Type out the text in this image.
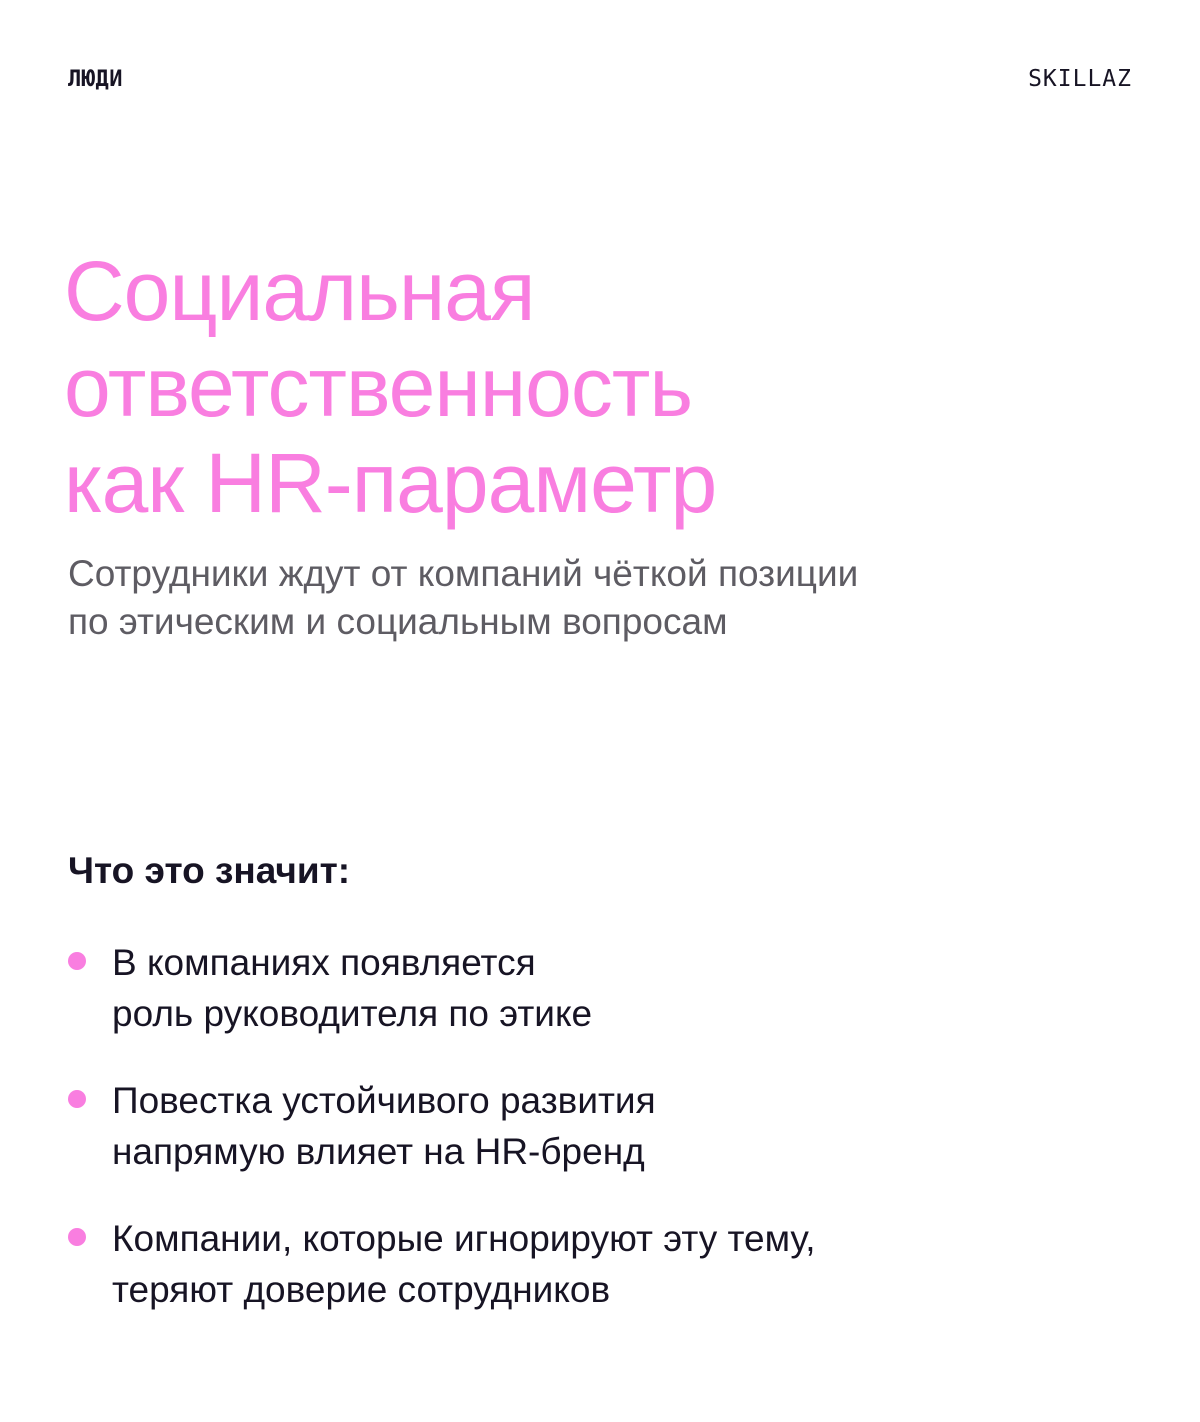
ЛЮДИ	SKILLAZ
Социальная
ответственность
как HR-параметр

Сотрудники ждут от компаний чёткой позиции
по этическим и социальным вопросам

Что это значит:
В компаниях появляется
роль руководителя по этике
Повестка устойчивого развития
напрямую влияет на HR-бренд
Компании, которые игнорируют эту тему,
теряют доверие сотрудников
